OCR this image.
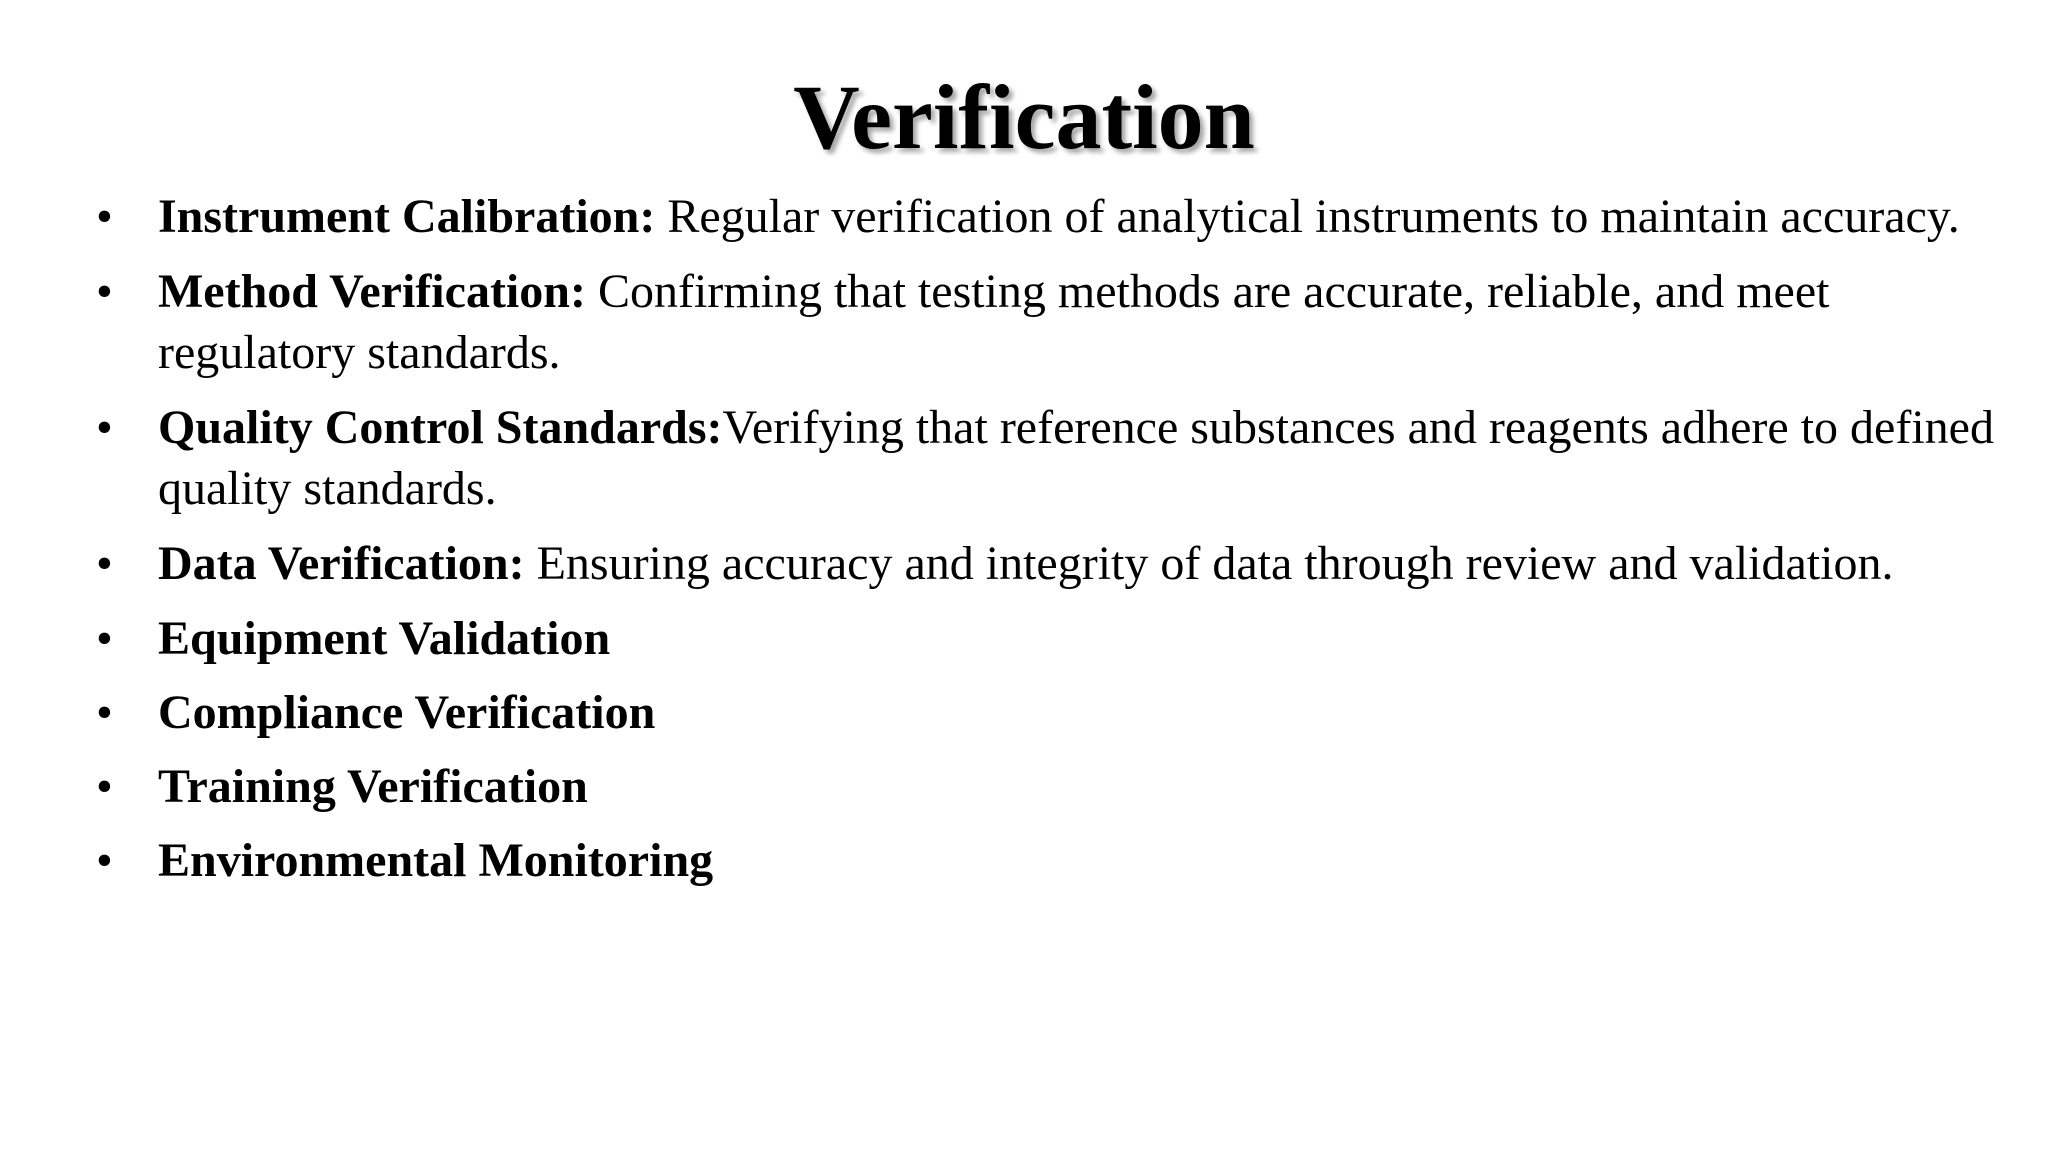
Verification
• Instrument Calibration: Regular verification of analytical instruments to maintain accuracy.
• Method Verification: Confirming that testing methods are accurate, reliable, and meet regulatory standards.
• Quality Control Standards:Verifying that reference substances and reagents adhere to defined quality standards.
• Data Verification: Ensuring accuracy and integrity of data through review and validation.
• Equipment Validation
• Compliance Verification
• Training Verification
• Environmental Monitoring
